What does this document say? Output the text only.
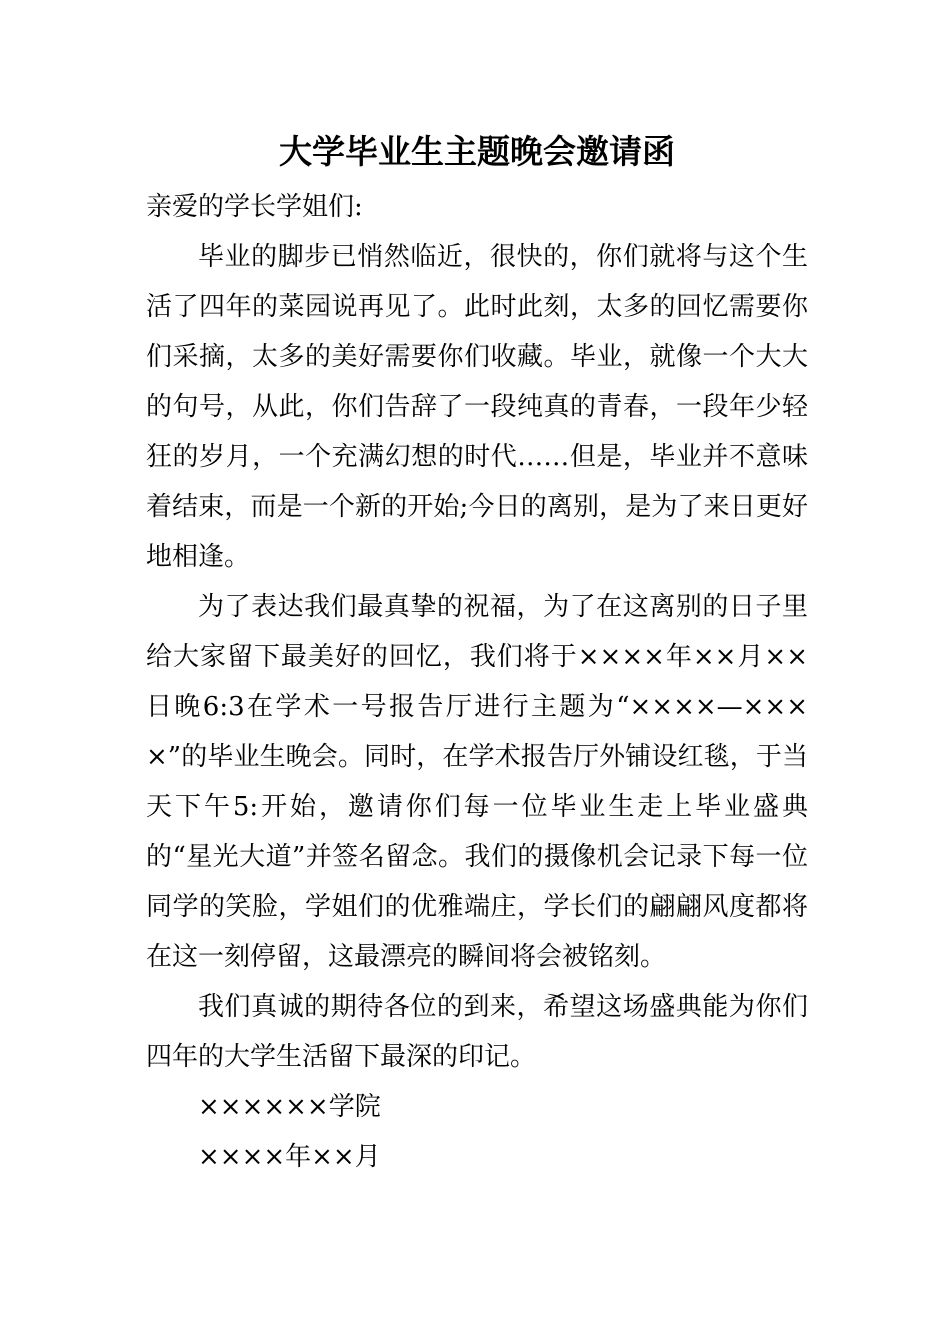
大学毕业生主题晚会邀请函

亲爱的学长学姐们:

毕业的脚步已悄然临近，很快的，你们就将与这个生活了四年的菜园说再见了。此时此刻，太多的回忆需要你们采摘，太多的美好需要你们收藏。毕业，就像一个大大的句号，从此，你们告辞了一段纯真的青春，一段年少轻狂的岁月，一个充满幻想的时代……但是，毕业并不意味着结束，而是一个新的开始;今日的离别，是为了来日更好地相逢。

为了表达我们最真挚的祝福，为了在这离别的日子里给大家留下最美好的回忆，我们将于××××年××月××日晚6:3在学术一号报告厅进行主题为“××××—××××”的毕业生晚会。同时，在学术报告厅外铺设红毯，于当天下午5:开始，邀请你们每一位毕业生走上毕业盛典的“星光大道”并签名留念。我们的摄像机会记录下每一位同学的笑脸，学姐们的优雅端庄，学长们的翩翩风度都将在这一刻停留，这最漂亮的瞬间将会被铭刻。

我们真诚的期待各位的到来，希望这场盛典能为你们四年的大学生活留下最深的印记。

××××××学院

××××年××月
